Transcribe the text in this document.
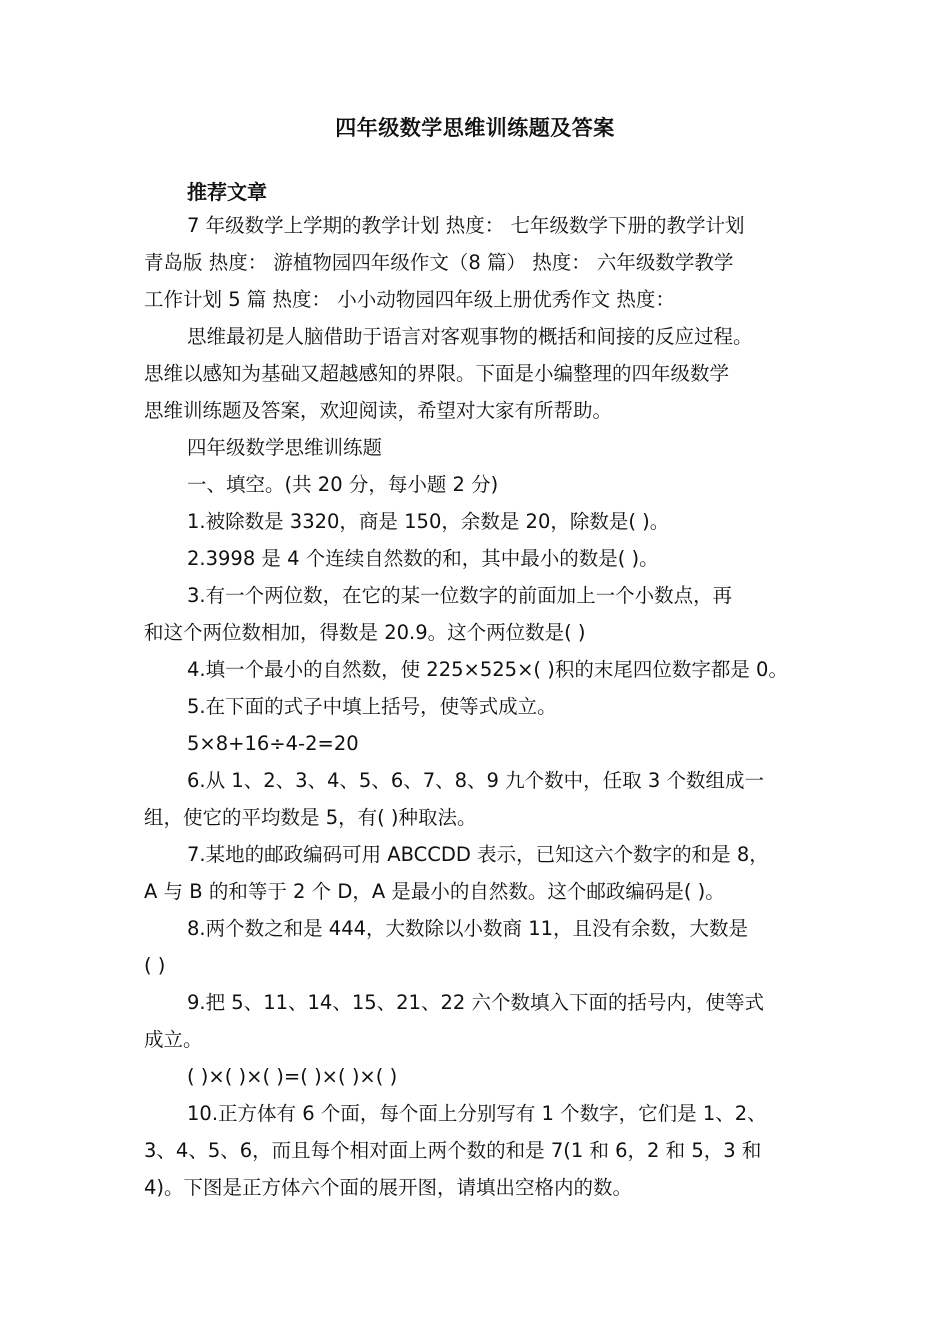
四年级数学思维训练题及答案
推荐文章
7 年级数学上学期的教学计划 热度： 七年级数学下册的教学计划
青岛版 热度： 游植物园四年级作文（8 篇） 热度： 六年级数学教学
工作计划 5 篇 热度： 小小动物园四年级上册优秀作文 热度：
思维最初是人脑借助于语言对客观事物的概括和间接的反应过程。
思维以感知为基础又超越感知的界限。下面是小编整理的四年级数学
思维训练题及答案，欢迎阅读，希望对大家有所帮助。
四年级数学思维训练题
一、填空。(共 20 分，每小题 2 分)
1.被除数是 3320，商是 150，余数是 20，除数是( )。
2.3998 是 4 个连续自然数的和，其中最小的数是( )。
3.有一个两位数，在它的某一位数字的前面加上一个小数点，再
和这个两位数相加，得数是 20.9。这个两位数是( )
4.填一个最小的自然数，使 225×525×( )积的末尾四位数字都是 0。
5.在下面的式子中填上括号，使等式成立。
5×8+16÷4-2=20
6.从 1、2、3、4、5、6、7、8、9 九个数中，任取 3 个数组成一
组，使它的平均数是 5，有( )种取法。
7.某地的邮政编码可用 ABCCDD 表示，已知这六个数字的和是 8，
A 与 B 的和等于 2 个 D，A 是最小的自然数。这个邮政编码是( )。
8.两个数之和是 444，大数除以小数商 11，且没有余数，大数是
( )
9.把 5、11、14、15、21、22 六个数填入下面的括号内，使等式
成立。
( )×( )×( )=( )×( )×( )
10.正方体有 6 个面，每个面上分别写有 1 个数字，它们是 1、2、
3、4、5、6，而且每个相对面上两个数的和是 7(1 和 6，2 和 5，3 和
4)。下图是正方体六个面的展开图，请填出空格内的数。
